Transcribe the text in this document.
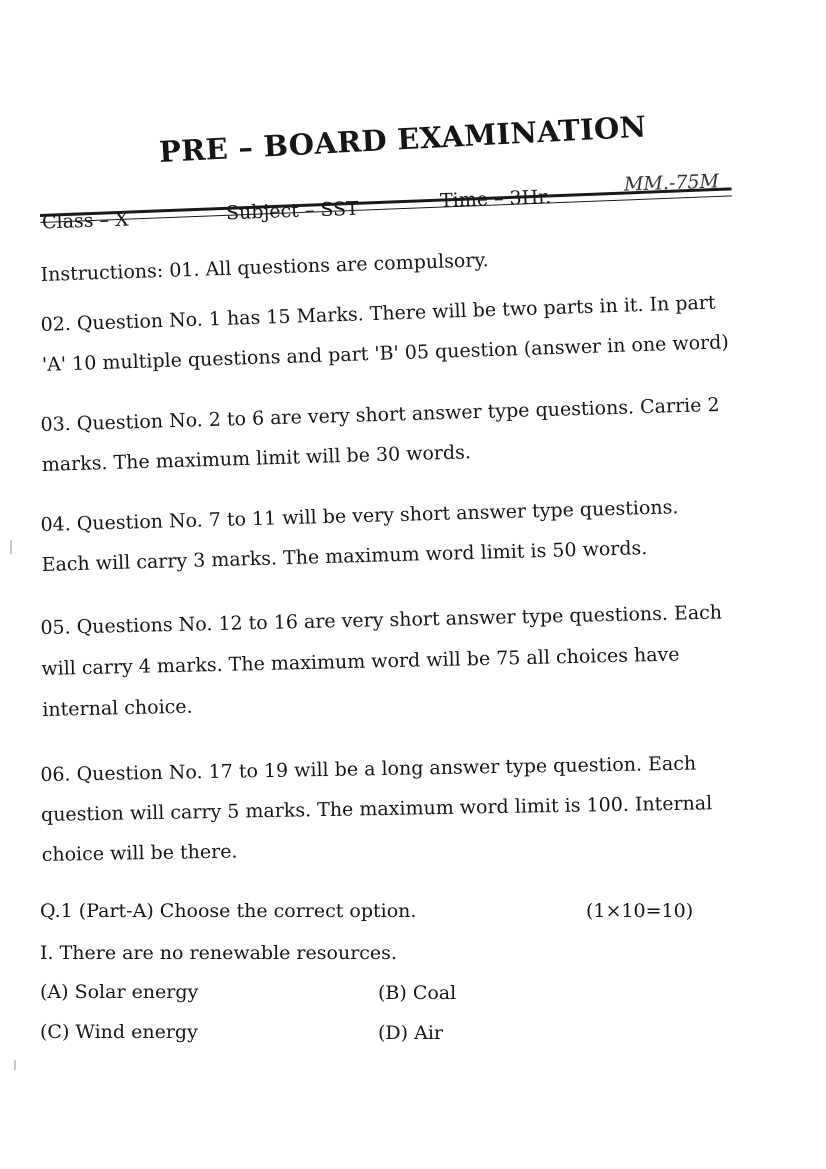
PRE – BOARD EXAMINATION
Class – X	Subject – SST	Time – 3Hr.
MM.-75M
Instructions: 01. All questions are compulsory.
02. Question No. 1 has 15 Marks. There will be two parts in it. In part 'A' 10 multiple questions and part 'B' 05 question (answer in one word)
03. Question No. 2 to 6 are very short answer type questions. Carrie 2 marks. The maximum limit will be 30 words.
04. Question No. 7 to 11 will be very short answer type questions. Each will carry 3 marks. The maximum word limit is 50 words.
05. Questions No. 12 to 16 are very short answer type questions. Each will carry 4 marks. The maximum word will be 75 all choices have internal choice.
06. Question No. 17 to 19 will be a long answer type question. Each question will carry 5 marks. The maximum word limit is 100. Internal choice will be there.
Q.1 (Part-A) Choose the correct option.	(1×10=10)
I. There are no renewable resources.
(A) Solar energy	(B) Coal
(C) Wind energy	(D) Air
